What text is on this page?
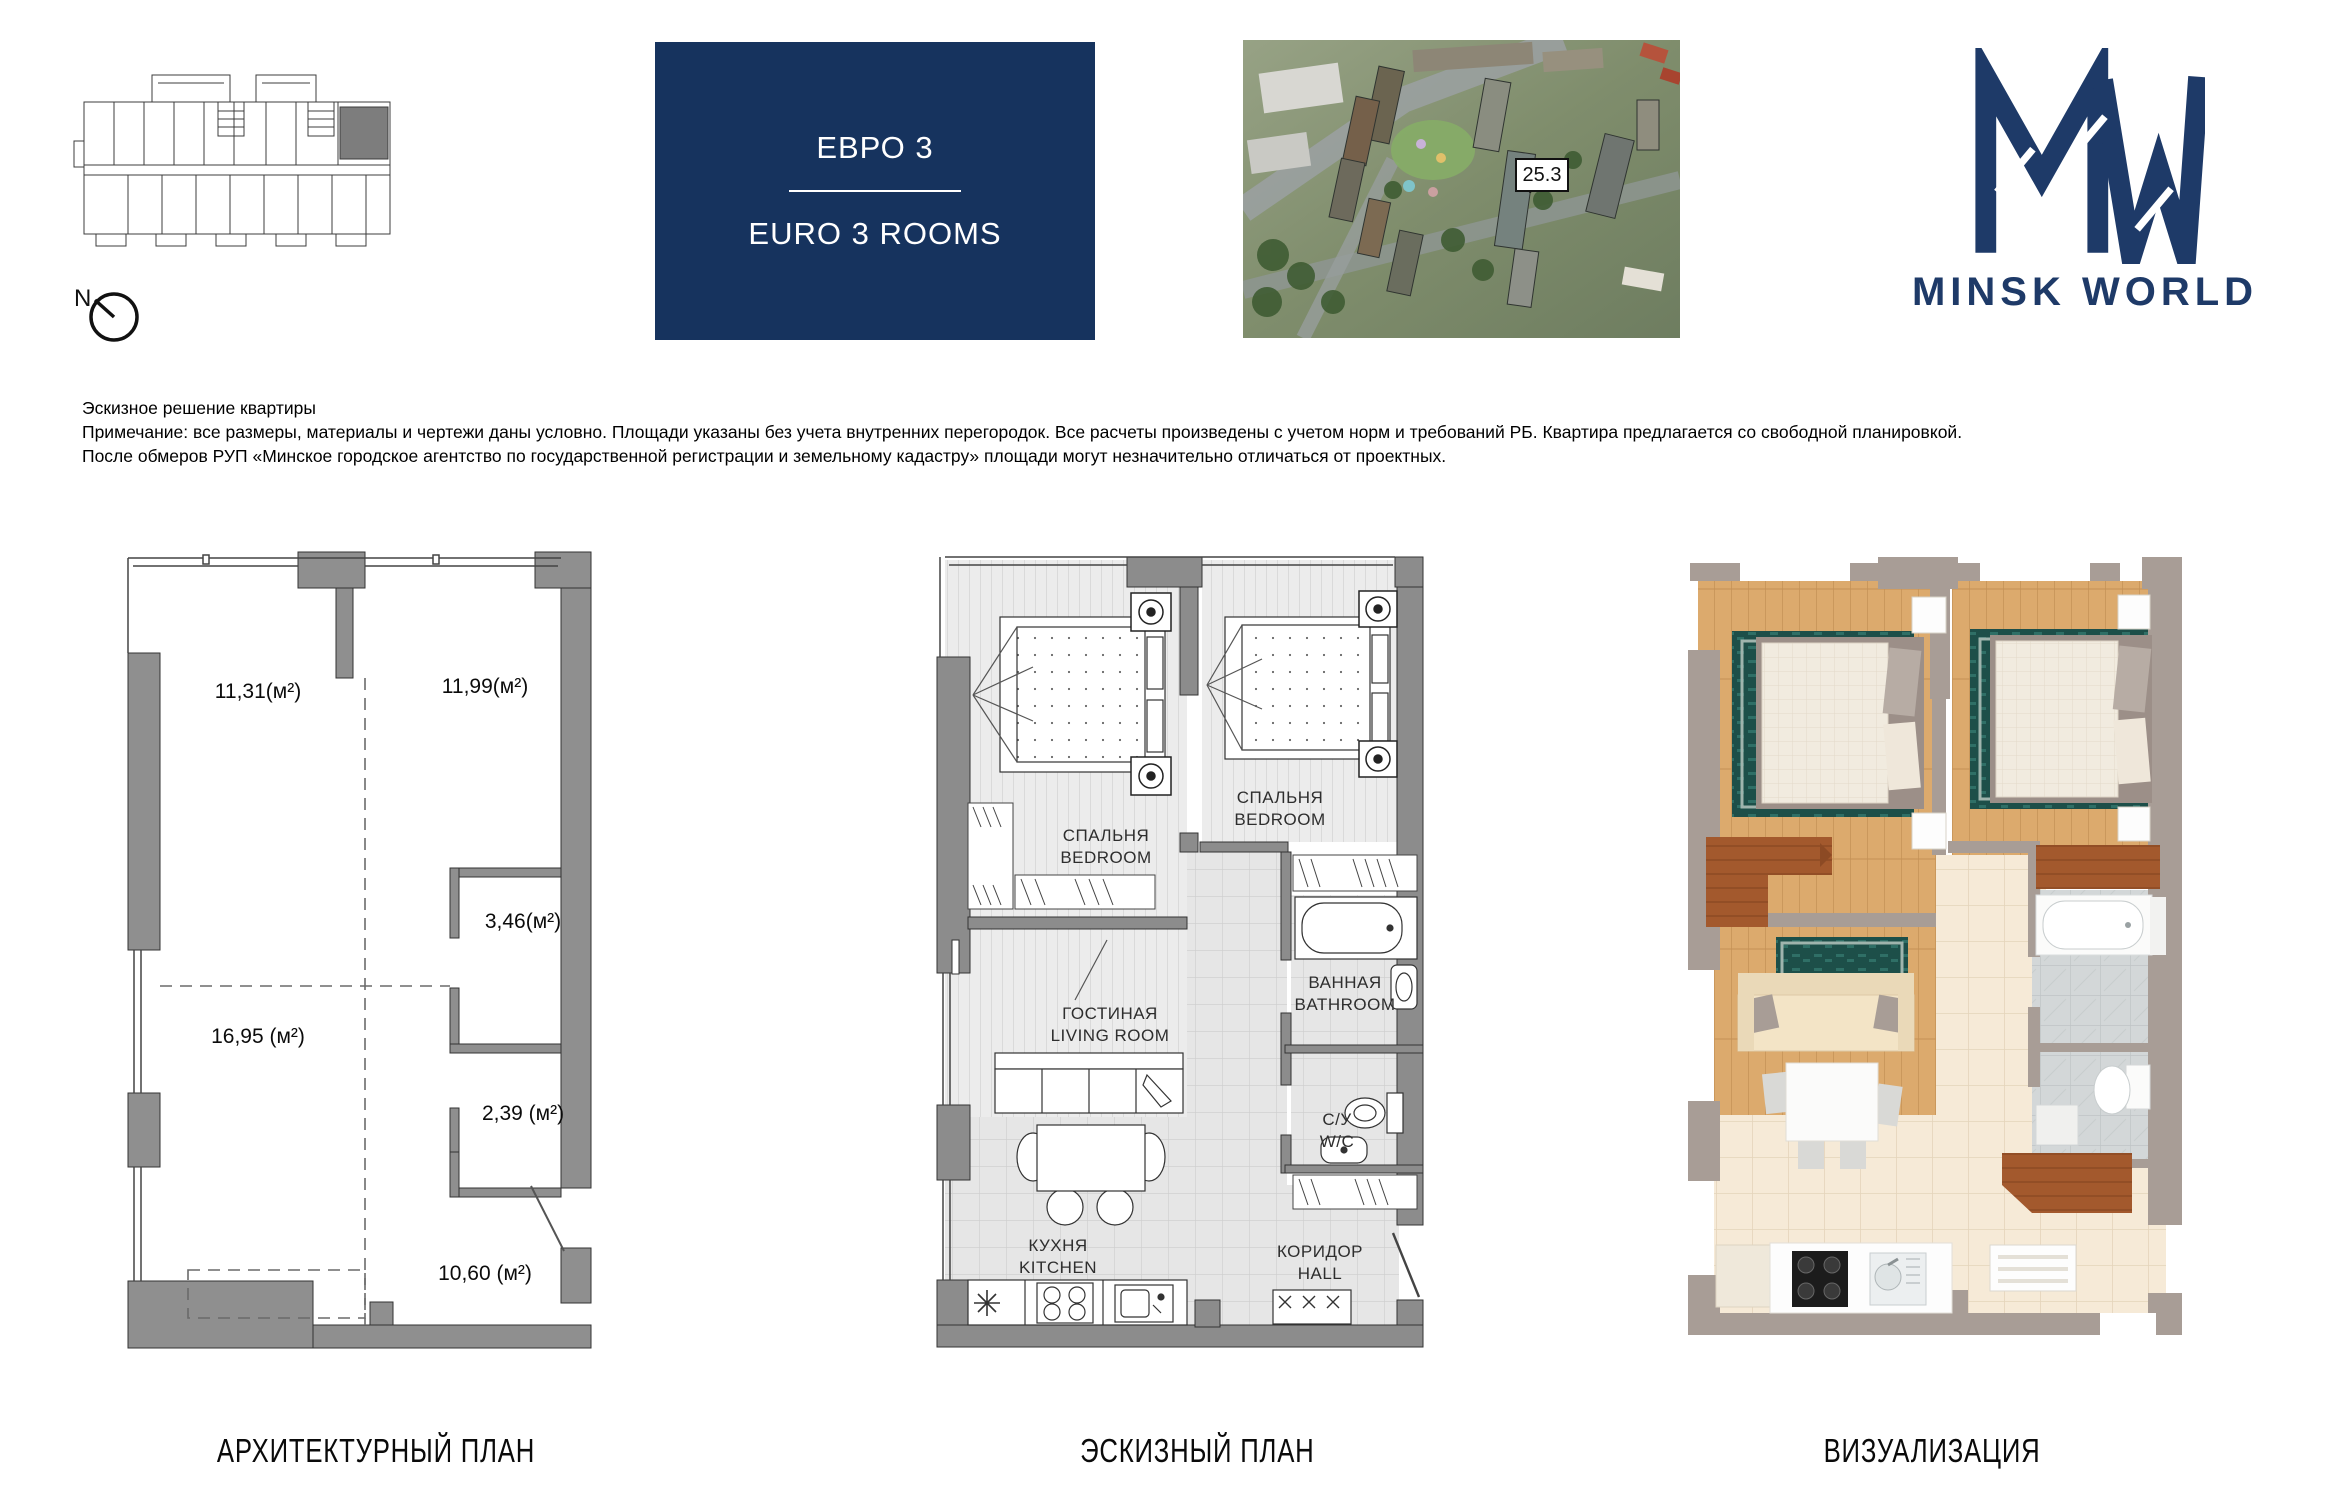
N
ЕВРО 3
EURO 3 ROOMS
25.3
MINSK WORLD
Эскизное решение квартиры
Примечание: все размеры, материалы и чертежи даны условно. Площади указаны без учета внутренних перегородок. Все расчеты произведены с учетом норм и требований РБ. Квартира предлагается со свободной планировкой.
После обмеров РУП «Минское городское агентство по государственной регистрации и земельному кадастру» площади могут незначительно отличаться от проектных.
11,31(м²)	11,99(м²)
3,46(м²)
2,39 (м²)
16,95 (м²)
10,60 (м²)
СПАЛЬНЯ
BEDROOM
СПАЛЬНЯ
BEDROOM
ГОСТИНАЯ
LIVING ROOM
ВАННАЯ
BATHROOM
С/У
W/C
КУХНЯ
KITCHEN
КОРИДОР
HALL
АРХИТЕКТУРНЫЙ ПЛАН	ЭСКИЗНЫЙ ПЛАН	ВИЗУАЛИЗАЦИЯ
